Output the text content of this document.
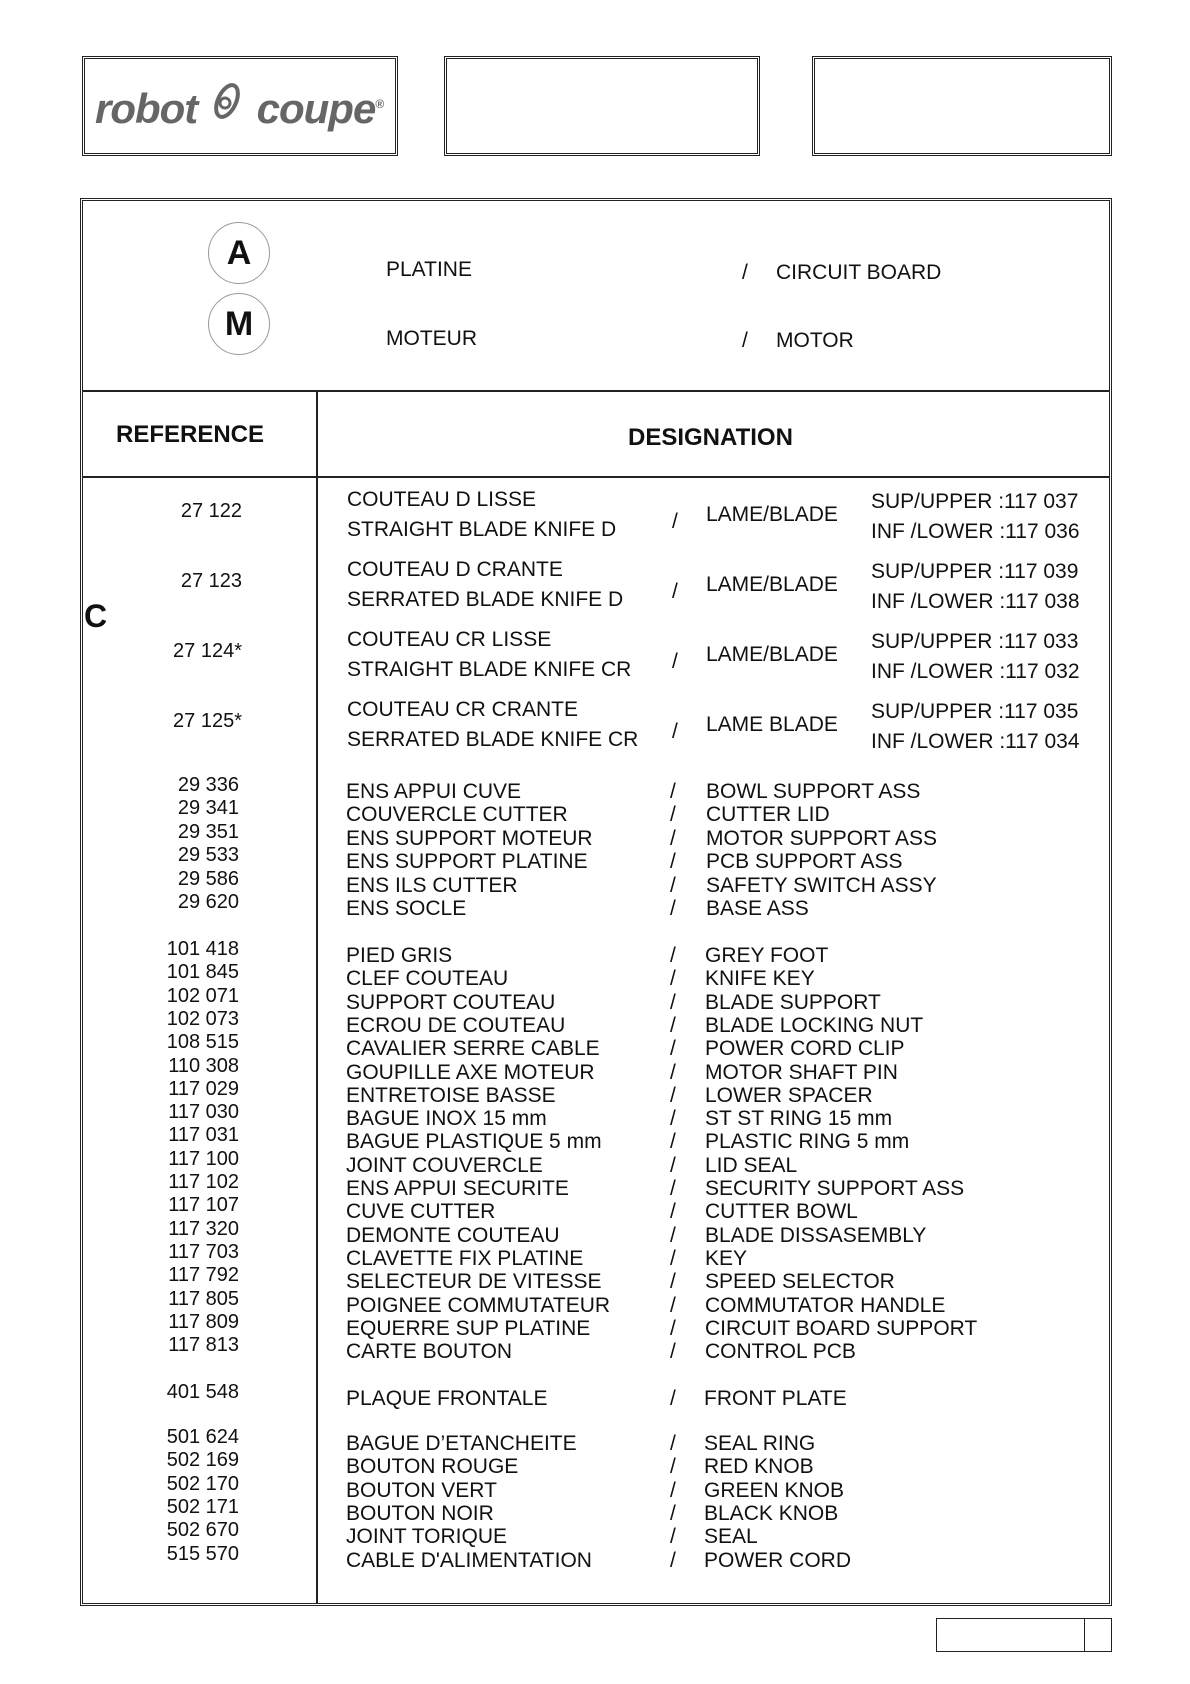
robot coupe®
A	PLATINE	/ CIRCUIT BOARD
M	MOTEUR	/ MOTOR
REFERENCE	DESIGNATION
C
27 122	COUTEAU D LISSE
STRAIGHT BLADE KNIFE D	/ LAME/BLADE
SUP/UPPER :117 037
INF /LOWER :117 036
27 123	COUTEAU D CRANTE
SERRATED BLADE KNIFE D / LAME/BLADE
SUP/UPPER :117 039
INF /LOWER :117 038
27 124*	COUTEAU CR LISSE
STRAIGHT BLADE KNIFE CR / LAME/BLADE
SUP/UPPER :117 033
INF /LOWER :117 032
27 125*	COUTEAU CR CRANTE
SERRATED BLADE KNIFE CR / LAME BLADE
SUP/UPPER :117 035
INF /LOWER :117 034
29 336	ENS APPUI CUVE	/ BOWL SUPPORT ASS
29 341	COUVERCLE CUTTER	/ CUTTER LID
29 351	ENS SUPPORT MOTEUR	/ MOTOR SUPPORT ASS
29 533	ENS SUPPORT PLATINE	/ PCB SUPPORT ASS
29 586	ENS ILS CUTTER	/ SAFETY SWITCH ASSY
29 620	ENS SOCLE	/ BASE ASS
101 418	PIED GRIS	/ GREY FOOT
101 845	CLEF COUTEAU	/ KNIFE KEY
102 071	SUPPORT COUTEAU	/ BLADE SUPPORT
102 073	ECROU DE COUTEAU	/ BLADE LOCKING NUT
108 515	CAVALIER SERRE CABLE	/ POWER CORD CLIP
110 308	GOUPILLE AXE MOTEUR	/ MOTOR SHAFT PIN
117 029	ENTRETOISE BASSE	/ LOWER SPACER
117 030	BAGUE INOX 15 mm	/ ST ST RING 15 mm
117 031	BAGUE PLASTIQUE 5 mm	/ PLASTIC RING 5 mm
117 100	JOINT COUVERCLE	/ LID SEAL
117 102	ENS APPUI SECURITE	/ SECURITY SUPPORT ASS
117 107	CUVE CUTTER	/ CUTTER BOWL
117 320	DEMONTE COUTEAU	/ BLADE DISSASEMBLY
117 703	CLAVETTE FIX PLATINE	/ KEY
117 792	SELECTEUR DE VITESSE	/ SPEED SELECTOR
117 805	POIGNEE COMMUTATEUR	/ COMMUTATOR HANDLE
117 809	EQUERRE SUP PLATINE	/ CIRCUIT BOARD SUPPORT
117 813	CARTE BOUTON	/ CONTROL PCB
401 548	PLAQUE FRONTALE	/ FRONT PLATE
501 624	BAGUE D’ETANCHEITE	/ SEAL RING
502 169	BOUTON ROUGE	/ RED KNOB
502 170	BOUTON VERT	/ GREEN KNOB
502 171	BOUTON NOIR	/ BLACK KNOB
502 670	JOINT TORIQUE	/ SEAL
515 570	CABLE D'ALIMENTATION	/ POWER CORD
